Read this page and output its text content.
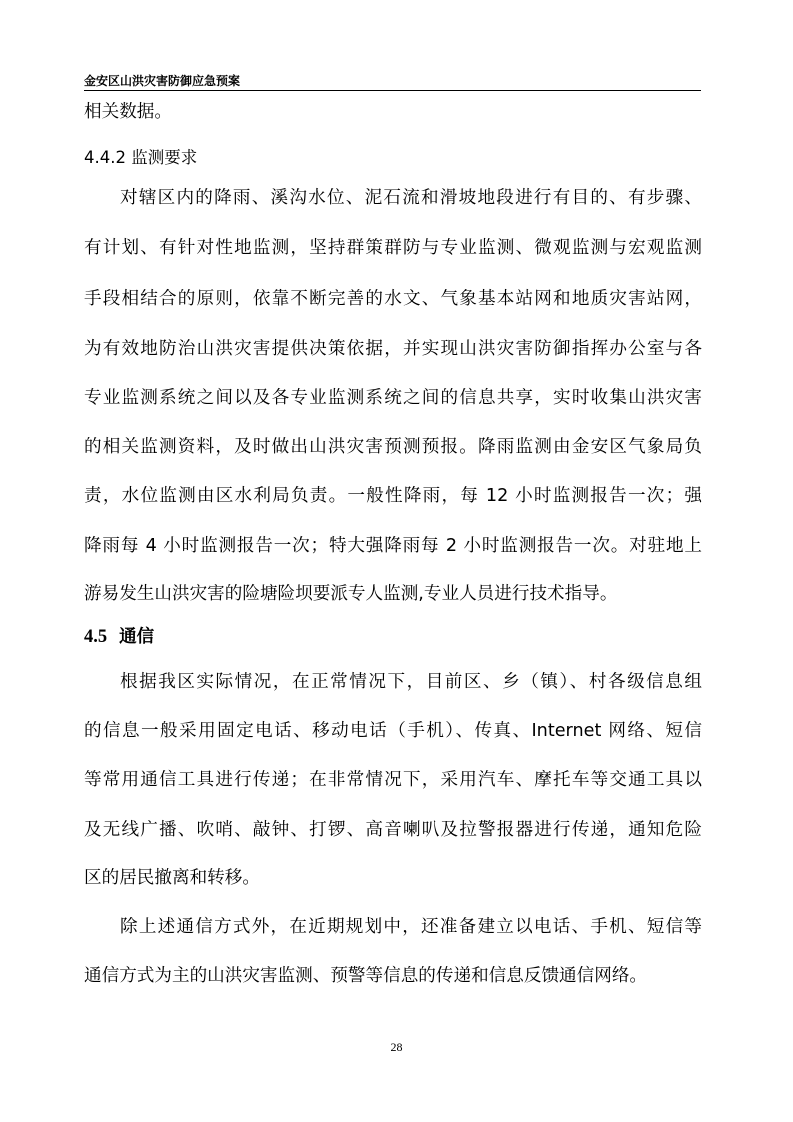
金安区山洪灾害防御应急预案
相关数据。
4.4.2 监测要求
对辖区内的降雨、溪沟水位、泥石流和滑坡地段进行有目的、有步骤、
有计划、有针对性地监测，坚持群策群防与专业监测、微观监测与宏观监测
手段相结合的原则，依靠不断完善的水文、气象基本站网和地质灾害站网，
为有效地防治山洪灾害提供决策依据，并实现山洪灾害防御指挥办公室与各
专业监测系统之间以及各专业监测系统之间的信息共享，实时收集山洪灾害
的相关监测资料，及时做出山洪灾害预测预报。降雨监测由金安区气象局负
责，水位监测由区水利局负责。一般性降雨，每 12 小时监测报告一次；强
降雨每 4 小时监测报告一次；特大强降雨每 2 小时监测报告一次。对驻地上
游易发生山洪灾害的险塘险坝要派专人监测,专业人员进行技术指导。
4.5 通信
根据我区实际情况，在正常情况下，目前区、乡（镇）、村各级信息组
的信息一般采用固定电话、移动电话（手机）、传真、Internet 网络、短信
等常用通信工具进行传递；在非常情况下，采用汽车、摩托车等交通工具以
及无线广播、吹哨、敲钟、打锣、高音喇叭及拉警报器进行传递，通知危险
区的居民撤离和转移。
除上述通信方式外，在近期规划中，还准备建立以电话、手机、短信等
通信方式为主的山洪灾害监测、预警等信息的传递和信息反馈通信网络。
28
